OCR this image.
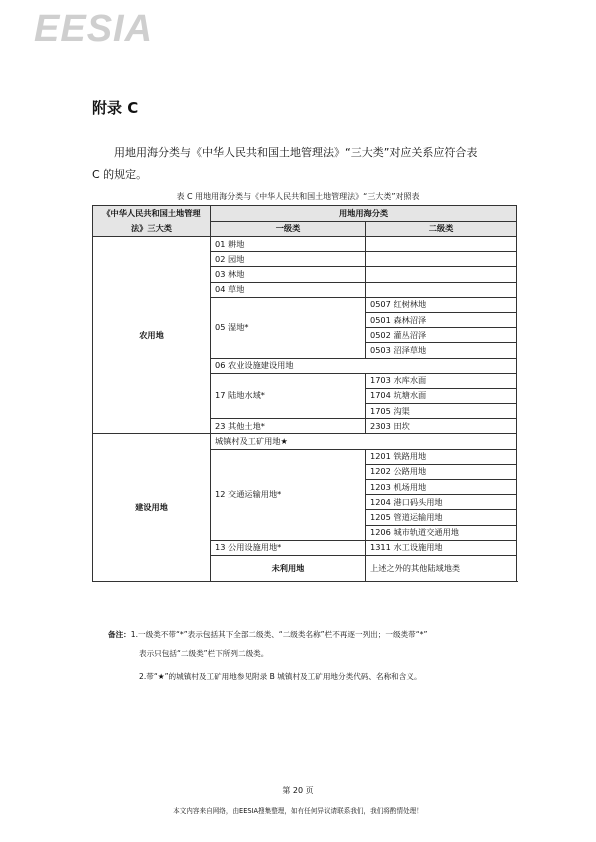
EESIA
附录 C
用地用海分类与《中华人民共和国土地管理法》“三大类”对应关系应符合表
C 的规定。
表 C 用地用海分类与《中华人民共和国土地管理法》“三大类”对照表
《中华人民共和国土地管理法》三大类	用地用海分类	
	一级类	二级类
农用地	01 耕地	
	02 园地	
	03 林地	
	04 草地	
	05 湿地*	0507 红树林地
		0501 森林沼泽
		0502 灌丛沼泽
		0503 沼泽草地
	06 农业设施建设用地	
	17 陆地水域*	1703 水库水面
		1704 坑塘水面
		1705 沟渠
	23 其他土地*	2303 田坎
建设用地	城镇村及工矿用地★	
	12 交通运输用地*	1201 铁路用地
		1202 公路用地
		1203 机场用地
		1204 港口码头用地
		1205 管道运输用地
		1206 城市轨道交通用地
	13 公用设施用地*	1311 水工设施用地
	未利用地	上述之外的其他陆域地类
备注：1.一级类不带“*”表示包括其下全部二级类、“二级类名称”栏不再逐一列出；一级类带“*”
表示只包括“二级类”栏下所列二级类。
2.带“★”的城镇村及工矿用地参见附录 B 城镇村及工矿用地分类代码、名称和含义。
第 20 页
本文内容来自网络，由EESIA搜集整理，如有任何异议请联系我们，我们将酌情处理！
